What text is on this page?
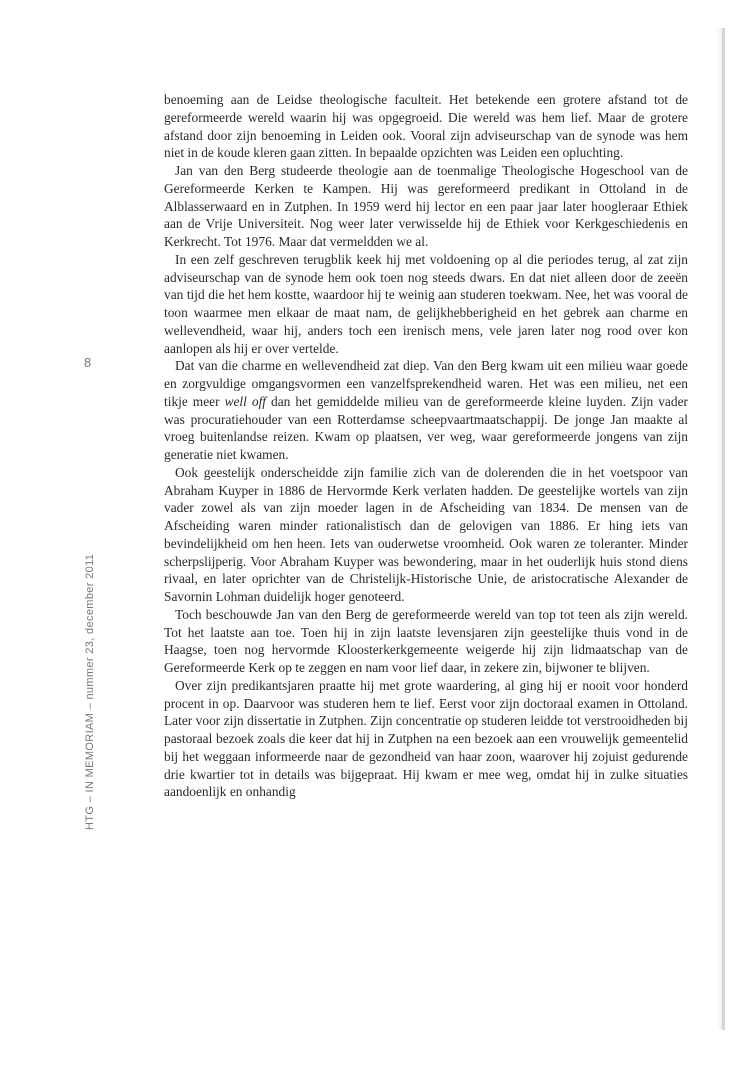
8
HTG – IN MEMORIAM – nummer 23, december 2011

benoeming aan de Leidse theologische faculteit. Het betekende een grotere afstand tot de gereformeerde wereld waarin hij was opgegroeid. Die wereld was hem lief. Maar de grotere afstand door zijn benoeming in Leiden ook. Vooral zijn adviseurschap van de synode was hem niet in de koude kleren gaan zitten. In bepaalde opzichten was Leiden een opluchting.

Jan van den Berg studeerde theologie aan de toenmalige Theologische Hogeschool van de Gereformeerde Kerken te Kampen. Hij was gereformeerd predikant in Ottoland in de Alblasserwaard en in Zutphen. In 1959 werd hij lector en een paar jaar later hoogleraar Ethiek aan de Vrije Universiteit. Nog weer later verwisselde hij de Ethiek voor Kerkgeschiedenis en Kerkrecht. Tot 1976. Maar dat vermeldden we al.

In een zelf geschreven terugblik keek hij met voldoening op al die periodes terug, al zat zijn adviseurschap van de synode hem ook toen nog steeds dwars. En dat niet alleen door de zeeën van tijd die het hem kostte, waardoor hij te weinig aan studeren toekwam. Nee, het was vooral de toon waarmee men elkaar de maat nam, de gelijkhebberigheid en het gebrek aan charme en wellevendheid, waar hij, anders toch een irenisch mens, vele jaren later nog rood over kon aanlopen als hij er over vertelde.

Dat van die charme en wellevendheid zat diep. Van den Berg kwam uit een milieu waar goede en zorgvuldige omgangsvormen een vanzelfsprekendheid waren. Het was een milieu, net een tikje meer well off dan het gemiddelde milieu van de gereformeerde kleine luyden. Zijn vader was procuratiehouder van een Rotterdamse scheepvaartmaatschappij. De jonge Jan maakte al vroeg buitenlandse reizen. Kwam op plaatsen, ver weg, waar gereformeerde jongens van zijn generatie niet kwamen.

Ook geestelijk onderscheidde zijn familie zich van de dolerenden die in het voetspoor van Abraham Kuyper in 1886 de Hervormde Kerk verlaten hadden. De geestelijke wortels van zijn vader zowel als van zijn moeder lagen in de Afscheiding van 1834. De mensen van de Afscheiding waren minder rationalistisch dan de gelovigen van 1886. Er hing iets van bevindelijkheid om hen heen. Iets van ouderwetse vroomheid. Ook waren ze toleranter. Minder scherpslijperig. Voor Abraham Kuyper was bewondering, maar in het ouderlijk huis stond diens rivaal, en later oprichter van de Christelijk-Historische Unie, de aristocratische Alexander de Savornin Lohman duidelijk hoger genoteerd.

Toch beschouwde Jan van den Berg de gereformeerde wereld van top tot teen als zijn wereld. Tot het laatste aan toe. Toen hij in zijn laatste levensjaren zijn geestelijke thuis vond in de Haagse, toen nog hervormde Kloosterkerkgemeente weigerde hij zijn lidmaatschap van de Gereformeerde Kerk op te zeggen en nam voor lief daar, in zekere zin, bijwoner te blijven.

Over zijn predikantsjaren praatte hij met grote waardering, al ging hij er nooit voor honderd procent in op. Daarvoor was studeren hem te lief. Eerst voor zijn doctoraal examen in Ottoland. Later voor zijn dissertatie in Zutphen. Zijn concentratie op studeren leidde tot verstrooidheden bij pastoraal bezoek zoals die keer dat hij in Zutphen na een bezoek aan een vrouwelijk gemeentelid bij het weggaan informeerde naar de gezondheid van haar zoon, waarover hij zojuist gedurende drie kwartier tot in details was bijgepraat. Hij kwam er mee weg, omdat hij in zulke situaties aandoenlijk en onhandig
